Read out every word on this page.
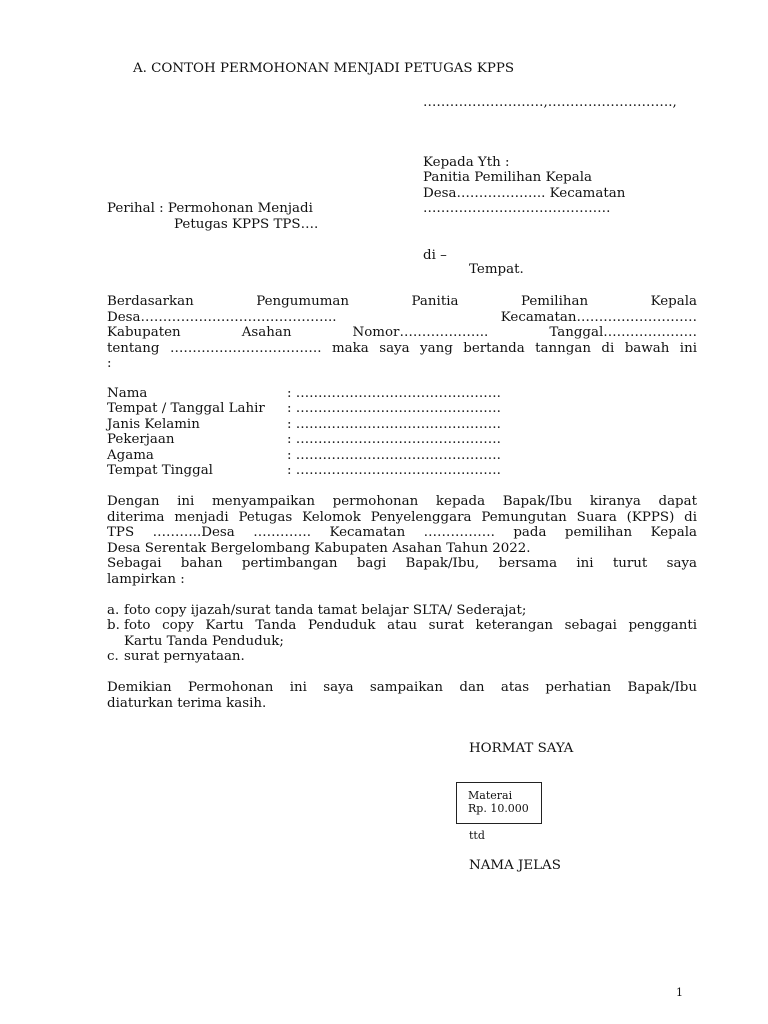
A. CONTOH PERMOHONAN MENJADI PETUGAS KPPS
………………………,……………………….,
Kepada Yth :
Panitia Pemilihan Kepala
Desa……………….. Kecamatan
……………………………………
di –
Tempat.
Perihal : Permohonan Menjadi
Petugas KPPS TPS….
Berdasarkan Pengumuman Panitia Pemilihan Kepala
Desa…………………………………….. Kecamatan………………………
Kabupaten Asahan Nomor……………….. Tanggal…………………
tentang ……………………………. maka saya yang bertanda tanngan di bawah ini
:
Nama	: ……………………………………….
Tempat / Tanggal Lahir : ……………………………………….
Janis Kelamin	: ……………………………………….
Pekerjaan	: ……………………………………….
Agama	: ……………………………………….
Tempat Tinggal	: ……………………………………….
Dengan ini menyampaikan permohonan kepada Bapak/Ibu kiranya dapat
diterima menjadi Petugas Kelomok Penyelenggara Pemungutan Suara (KPPS) di
TPS ………..Desa …………. Kecamatan ……………. pada pemilihan Kepala
Desa Serentak Bergelombang Kabupaten Asahan Tahun 2022.
Sebagai bahan pertimbangan bagi Bapak/Ibu, bersama ini turut saya
lampirkan :
a. foto copy ijazah/surat tanda tamat belajar SLTA/ Sederajat;
b. foto copy Kartu Tanda Penduduk atau surat keterangan sebagai pengganti
Kartu Tanda Penduduk;
c. surat pernyataan.
Demikian Permohonan ini saya sampaikan dan atas perhatian Bapak/Ibu
diaturkan terima kasih.
HORMAT SAYA
Materai
Rp. 10.000
ttd
NAMA JELAS
1
